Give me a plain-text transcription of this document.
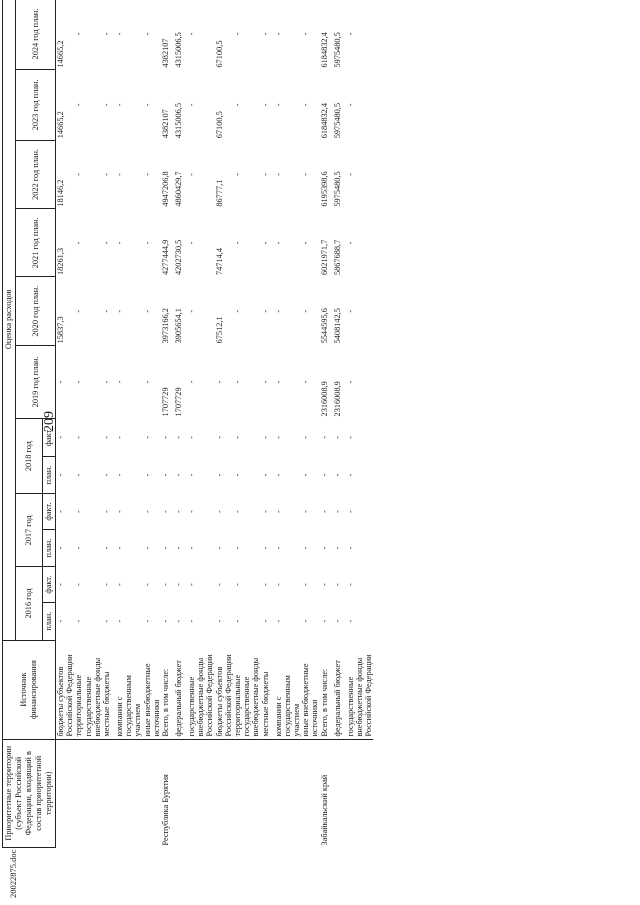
209
20022875.doc
Приоритетные территории (субъект Российской Федерации, входящий в состав приоритетной территории)	Источник финансирования	Оценка расходов											
		2016 год		2017 год		2018 год		2019 год план.	2020 год план.	2021 год план.	2022 год план.	2023 год план.	2024 год план.
		план.	факт.	план.	факт.	план.	факт.						
	бюджеты субъектов Российской Федерации	-	-	-	-	-	-	-	15837,3	18261,3	18146,2	14665,2	14665,2
	территориальные государственные внебюджетные фонды	-	-	-	-	-	-	-	-	-	-	-	-
	местные бюджеты	-	-	-	-	-	-	-	-	-	-	-	-
	компании с государственным участием	-	-	-	-	-	-	-	-	-	-	-	-
	иные внебюджетные источники	-	-	-	-	-	-	-	-	-	-	-	-
Республика Бурятия	Всего, в том числе:	-	-	-	-	-	-	1707729	3973166,2	4277444,9	4947206,8	4382107	4382107
	федеральный бюджет	-	-	-	-	-	-	1707729	3905654,1	4202730,5	4860429,7	4315006,5	4315006,5
	государственные внебюджетные фонды Российской Федерации	-	-	-	-	-	-	-	-	-	-	-	-
	бюджеты субъектов Российской Федерации	-	-	-	-	-	-	-	67512,1	74714,4	86777,1	67100,5	67100,5
	территориальные государственные внебюджетные фонды	-	-	-	-	-	-	-	-	-	-	-	-
	местные бюджеты	-	-	-	-	-	-	-	-	-	-	-	-
	компании с государственным участием	-	-	-	-	-	-	-	-	-	-	-	-
	иные внебюджетные источники	-	-	-	-	-	-	-	-	-	-	-	-
Забайкальский край	Всего, в том числе:	-	-	-	-	-	-	2316008,9	5544595,6	6021971,7	6195398,6	6184832,4	6184832,4
	федеральный бюджет	-	-	-	-	-	-	2316008,9	5408142,5	5867688,7	5975480,5	5975480,5	5975480,5
	государственные внебюджетные фонды Российской Федерации	-	-	-	-	-	-	-	-	-	-	-	-
